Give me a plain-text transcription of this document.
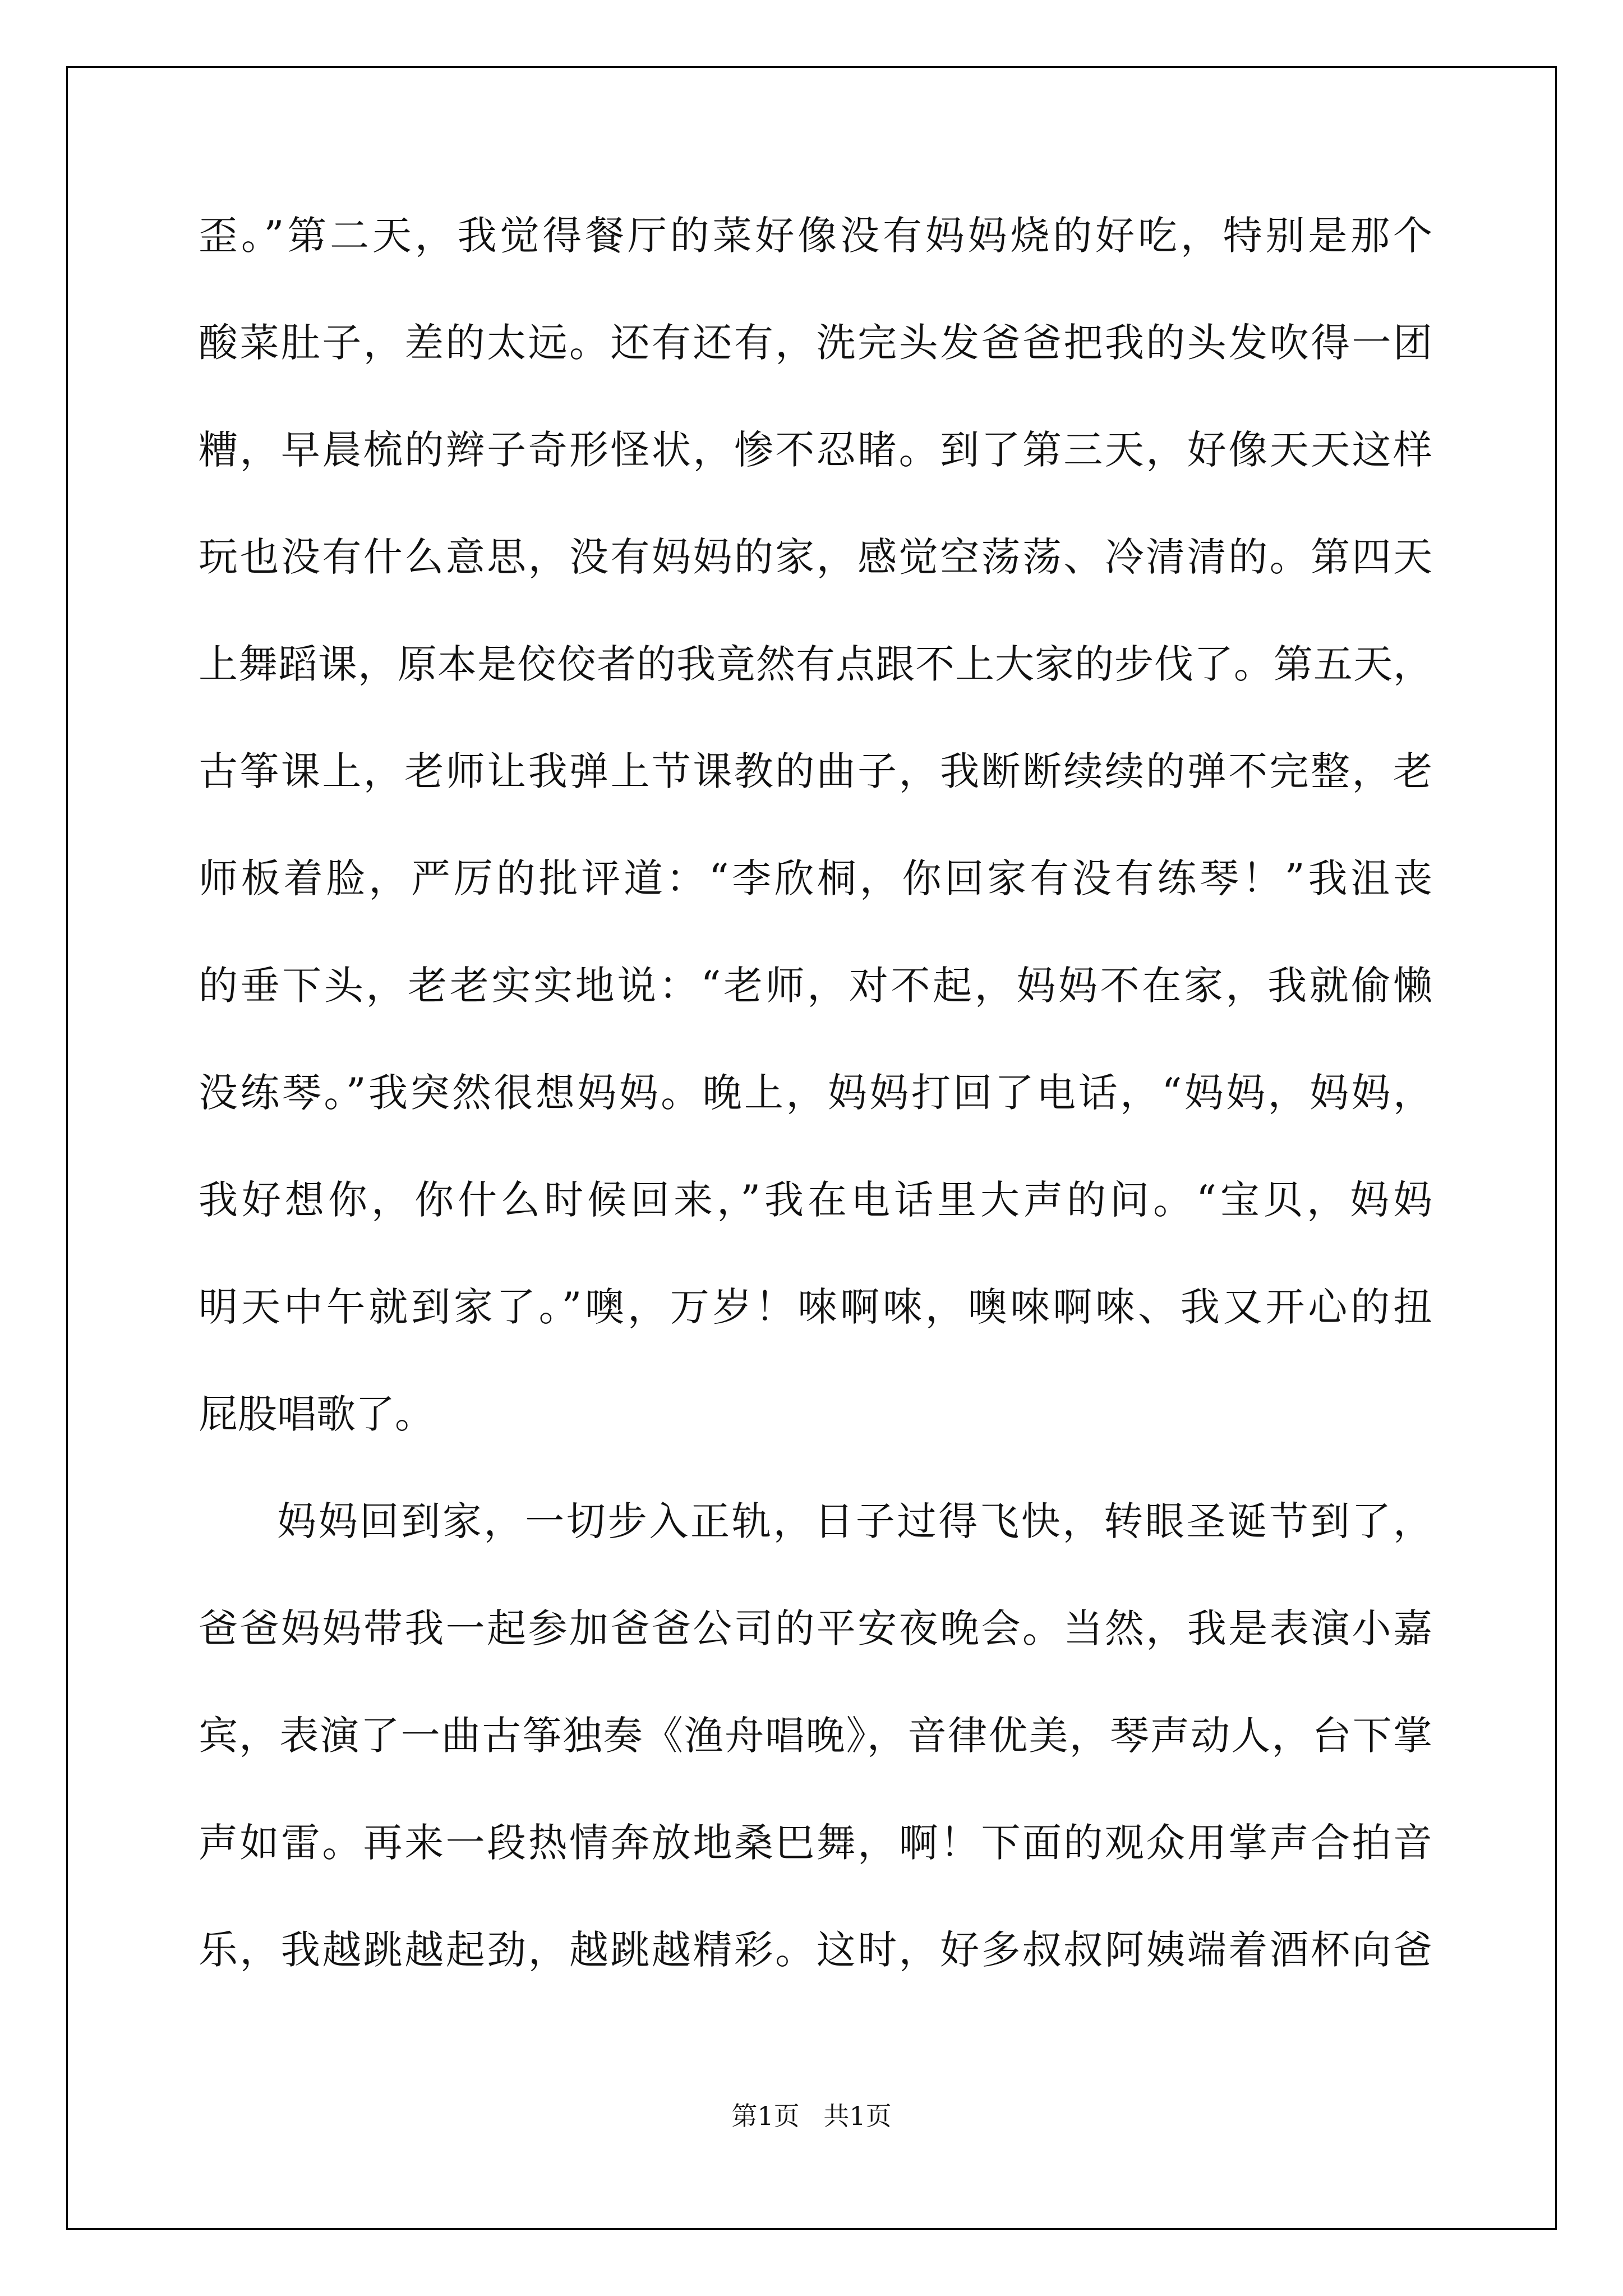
歪。”第二天，我觉得餐厅的菜好像没有妈妈烧的好吃，特别是那个
酸菜肚子，差的太远。还有还有，洗完头发爸爸把我的头发吹得一团
糟，早晨梳的辫子奇形怪状，惨不忍睹。到了第三天，好像天天这样
玩也没有什么意思，没有妈妈的家，感觉空荡荡、冷清清的。第四天
上舞蹈课，原本是佼佼者的我竟然有点跟不上大家的步伐了。第五天，
古筝课上，老师让我弹上节课教的曲子，我断断续续的弹不完整，老
师板着脸，严厉的批评道：“李欣桐，你回家有没有练琴！”我沮丧
的垂下头，老老实实地说：“老师，对不起，妈妈不在家，我就偷懒
没练琴。”我突然很想妈妈。晚上，妈妈打回了电话，“妈妈，妈妈，
我好想你，你什么时候回来，”我在电话里大声的问。“宝贝，妈妈
明天中午就到家了。”噢，万岁！唻啊唻，噢唻啊唻、我又开心的扭
屁股唱歌了。
妈妈回到家，一切步入正轨，日子过得飞快，转眼圣诞节到了，
爸爸妈妈带我一起参加爸爸公司的平安夜晚会。当然，我是表演小嘉
宾，表演了一曲古筝独奏《渔舟唱晚》，音律优美，琴声动人，台下掌
声如雷。再来一段热情奔放地桑巴舞，啊！下面的观众用掌声合拍音
乐，我越跳越起劲，越跳越精彩。这时，好多叔叔阿姨端着酒杯向爸
第1页 共1页
